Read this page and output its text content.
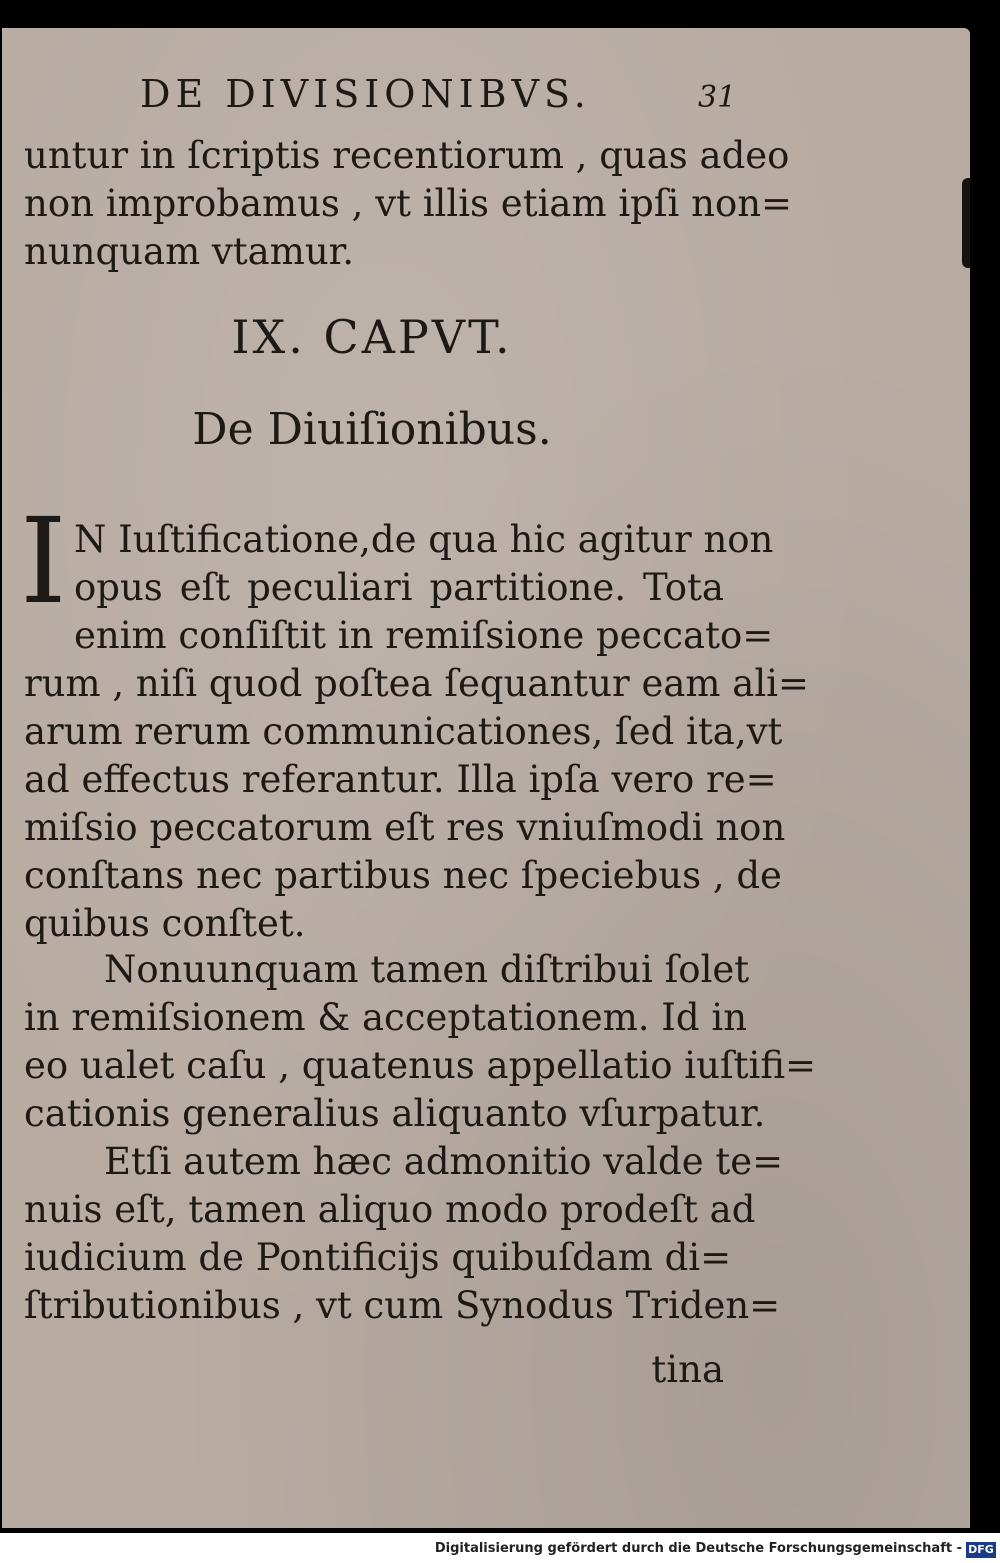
DE DIVISIONIBVS.	31
untur in ſcriptis recentiorum , quas adeo
non improbamus , vt illis etiam ipſi non=
nunquam vtamur.
IX. CAPVT.
De Diuiſionibus.
I N Iuſtificatione,de qua hic agitur non
opus eſt peculiari partitione. Tota
enim conſiſtit in remiſsione peccato=
rum , niſi quod poſtea ſequantur eam ali=
arum rerum communicationes, ſed ita,vt
ad effectus referantur. Illa ipſa vero re=
miſsio peccatorum eſt res vniuſmodi non
conſtans nec partibus nec ſpeciebus , de
quibus conſtet.
Nonuunquam tamen diſtribui ſolet
in remiſsionem & acceptationem. Id in
eo ualet caſu , quatenus appellatio iuſtifi=
cationis generalius aliquanto vſurpatur.
Etſi autem hæc admonitio valde te=
nuis eſt, tamen aliquo modo prodeſt ad
iudicium de Pontificijs quibuſdam di=
ſtributionibus , vt cum Synodus Triden=
tina
Digitalisierung gefördert durch die Deutsche Forschungsgemeinschaft - DFG
